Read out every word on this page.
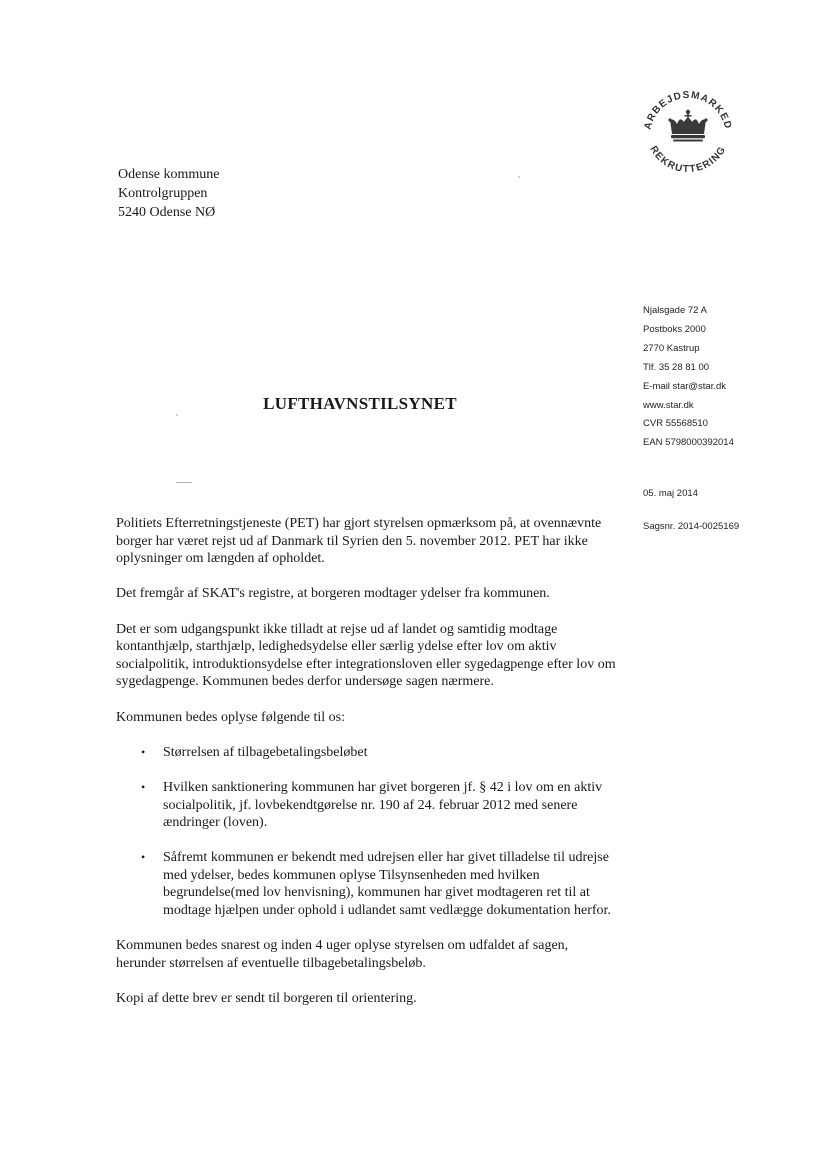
ARBEJDSMARKED
REKRUTTERING
Odense kommune
Kontrolgruppen
5240 Odense NØ
Njalsgade 72 A
Postboks 2000
2770 Kastrup
Tlf. 35 28 81 00
E-mail star@star.dk
www.star.dk
CVR 55568510
EAN 5798000392014
05. maj 2014
Sagsnr. 2014-0025169
LUFTHAVNSTILSYNET

Politiets Efterretningstjeneste (PET) har gjort styrelsen opmærksom på, at ovennævnte borger har været rejst ud af Danmark til Syrien den 5. november 2012. PET har ikke oplysninger om længden af opholdet.

Det fremgår af SKAT's registre, at borgeren modtager ydelser fra kommunen.

Det er som udgangspunkt ikke tilladt at rejse ud af landet og samtidig modtage kontanthjælp, starthjælp, ledighedsydelse eller særlig ydelse efter lov om aktiv socialpolitik, introduktionsydelse efter integrationsloven eller sygedagpenge efter lov om sygedagpenge. Kommunen bedes derfor undersøge sagen nærmere.

Kommunen bedes oplyse følgende til os:

• Størrelsen af tilbagebetalingsbeløbet
• Hvilken sanktionering kommunen har givet borgeren jf. § 42 i lov om en aktiv socialpolitik, jf. lovbekendtgørelse nr. 190 af 24. februar 2012 med senere ændringer (loven).
• Såfremt kommunen er bekendt med udrejsen eller har givet tilladelse til udrejse med ydelser, bedes kommunen oplyse Tilsynsenheden med hvilken begrundelse(med lov henvisning), kommunen har givet modtageren ret til at modtage hjælpen under ophold i udlandet samt vedlægge dokumentation herfor.

Kommunen bedes snarest og inden 4 uger oplyse styrelsen om udfaldet af sagen, herunder størrelsen af eventuelle tilbagebetalingsbeløb.

Kopi af dette brev er sendt til borgeren til orientering.
